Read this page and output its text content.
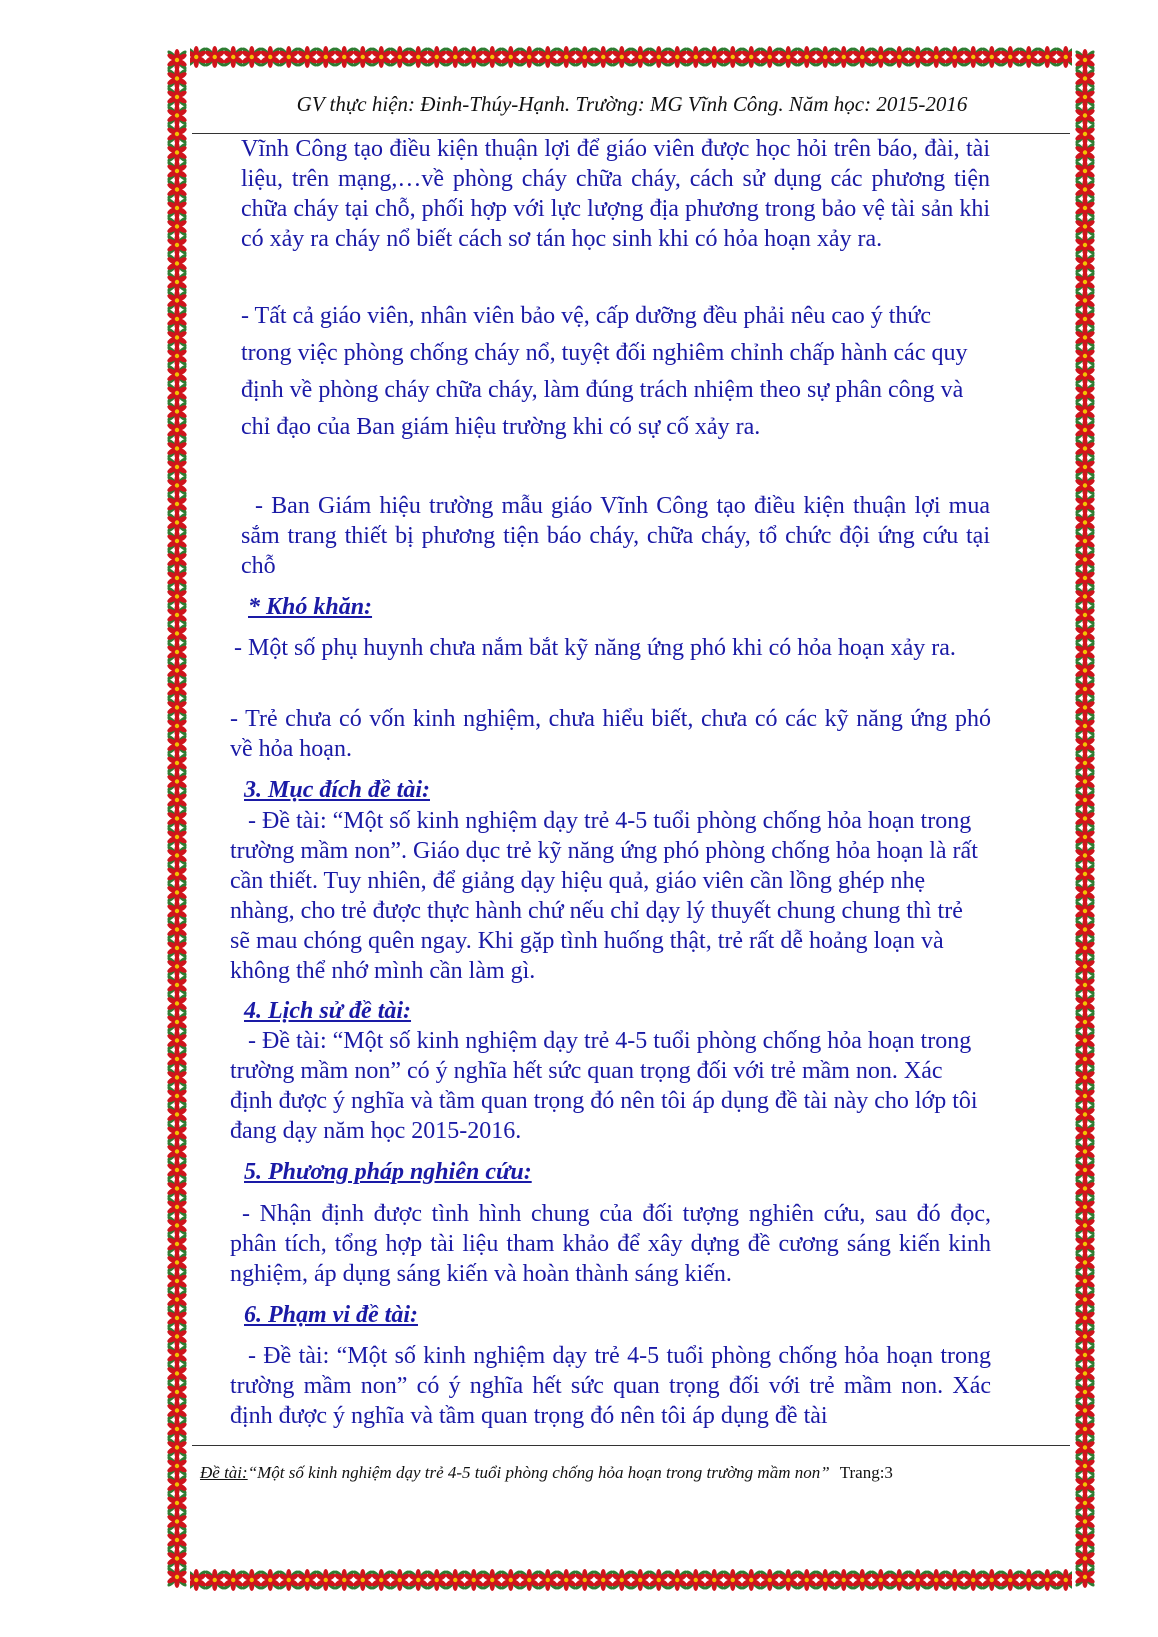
GV thực hiện: Đinh-Thúy-Hạnh. Trường: MG Vĩnh Công. Năm học: 2015-2016

Vĩnh Công tạo điều kiện thuận lợi để giáo viên được học hỏi trên báo, đài, tài liệu, trên mạng,…về phòng cháy chữa cháy, cách sử dụng các phương tiện chữa cháy tại chỗ, phối hợp với lực lượng địa phương trong bảo vệ tài sản khi có xảy ra cháy nổ biết cách sơ tán học sinh khi có hỏa hoạn xảy ra.

- Tất cả giáo viên, nhân viên bảo vệ, cấp dưỡng đều phải nêu cao ý thức trong việc phòng chống cháy nổ, tuyệt đối nghiêm chỉnh chấp hành các quy định về phòng cháy chữa cháy, làm đúng trách nhiệm theo sự phân công và chỉ đạo của Ban giám hiệu trường khi có sự cố xảy ra.

- Ban Giám hiệu trường mẫu giáo Vĩnh Công tạo điều kiện thuận lợi mua sắm trang thiết bị phương tiện báo cháy, chữa cháy, tổ chức đội ứng cứu tại chỗ

* Khó khăn:

- Một số phụ huynh chưa nắm bắt kỹ năng ứng phó khi có hỏa hoạn xảy ra.

- Trẻ chưa có vốn kinh nghiệm, chưa hiểu biết, chưa có các kỹ năng ứng phó về hỏa hoạn.

3. Mục đích đề tài:

- Đề tài: “Một số kinh nghiệm dạy trẻ 4-5 tuổi phòng chống hỏa hoạn trong trường mầm non”. Giáo dục trẻ kỹ năng ứng phó phòng chống hỏa hoạn là rất cần thiết. Tuy nhiên, để giảng dạy hiệu quả, giáo viên cần lồng ghép nhẹ nhàng, cho trẻ được thực hành chứ nếu chỉ dạy lý thuyết chung chung thì trẻ sẽ mau chóng quên ngay. Khi gặp tình huống thật, trẻ rất dễ hoảng loạn và không thể nhớ mình cần làm gì.

4. Lịch sử đề tài:

- Đề tài: “Một số kinh nghiệm dạy trẻ 4-5 tuổi phòng chống hỏa hoạn trong trường mầm non” có ý nghĩa hết sức quan trọng đối với trẻ mầm non. Xác định được ý nghĩa và tầm quan trọng đó nên tôi áp dụng đề tài này cho lớp tôi đang dạy năm học 2015-2016.

5. Phương pháp nghiên cứu:

- Nhận định được tình hình chung của đối tượng nghiên cứu, sau đó đọc, phân tích, tổng hợp tài liệu tham khảo để xây dựng đề cương sáng kiến kinh nghiệm, áp dụng sáng kiến và hoàn thành sáng kiến.

6. Phạm vi đề tài:

- Đề tài: “Một số kinh nghiệm dạy trẻ 4-5 tuổi phòng chống hỏa hoạn trong trường mầm non” có ý nghĩa hết sức quan trọng đối với trẻ mầm non. Xác định được ý nghĩa và tầm quan trọng đó nên tôi áp dụng đề tài

Đề tài:“Một số kinh nghiệm dạy trẻ 4-5 tuổi phòng chống hỏa hoạn trong trường mầm non” Trang:3
